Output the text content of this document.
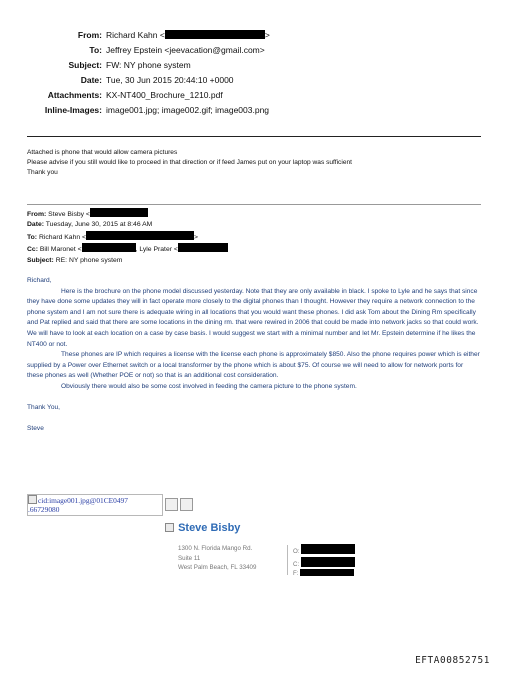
From: Richard Kahn <	>
To: Jeffrey Epstein <jeevacation@gmail.com>
Subject: FW: NY phone system
Date: Tue, 30 Jun 2015 20:44:10 +0000
Attachments: KX-NT400_Brochure_1210.pdf
Inline-Images: image001.jpg; image002.gif; image003.png
Attached is phone that would allow camera pictures
Please advise if you still would like to proceed in that direction or if feed James put on your laptop was sufficient
Thank you
From: Steve Bisby <
Date: Tuesday, June 30, 2015 at 8:46 AM
To: Richard Kahn <	>
Cc: Bill Maronet <	, Lyle Prater <
Subject: RE: NY phone system

Richard,

Here is the brochure on the phone model discussed yesterday. Note that they are only available in black. I spoke to Lyle and he says that since they have done some updates they will in fact operate more closely to the digital phones than I thought. However they require a network connection to the phone system and I am not sure there is adequate wiring in all locations that you would want these phones. I did ask Tom about the Dining Rm specifically and Pat replied and said that there are some locations in the dining rm. that were rewired in 2006 that could be made into network jacks so that could work. We will have to look at each location on a case by case basis. I would suggest we start with a minimal number and let Mr. Epstein determine if he likes the NT400 or not.

These phones are IP which requires a license with the license each phone is approximately $850. Also the phone requires power which is either supplied by a Power over Ethernet switch or a local transformer by the phone which is about $75. Of course we will need to allow for network ports for these phones as well (Whether POE or not) so that is an additional cost consideration.

Obviously there would also be some cost involved in feeding the camera picture to the phone system.

Thank You,

Steve

cid:image001.jpg@01CE0497
.66729080
Steve Bisby
1300 N. Florida Mango Rd.
Suite 11
West Palm Beach, FL 33409
O:
C:
F:
EFTA00852751
